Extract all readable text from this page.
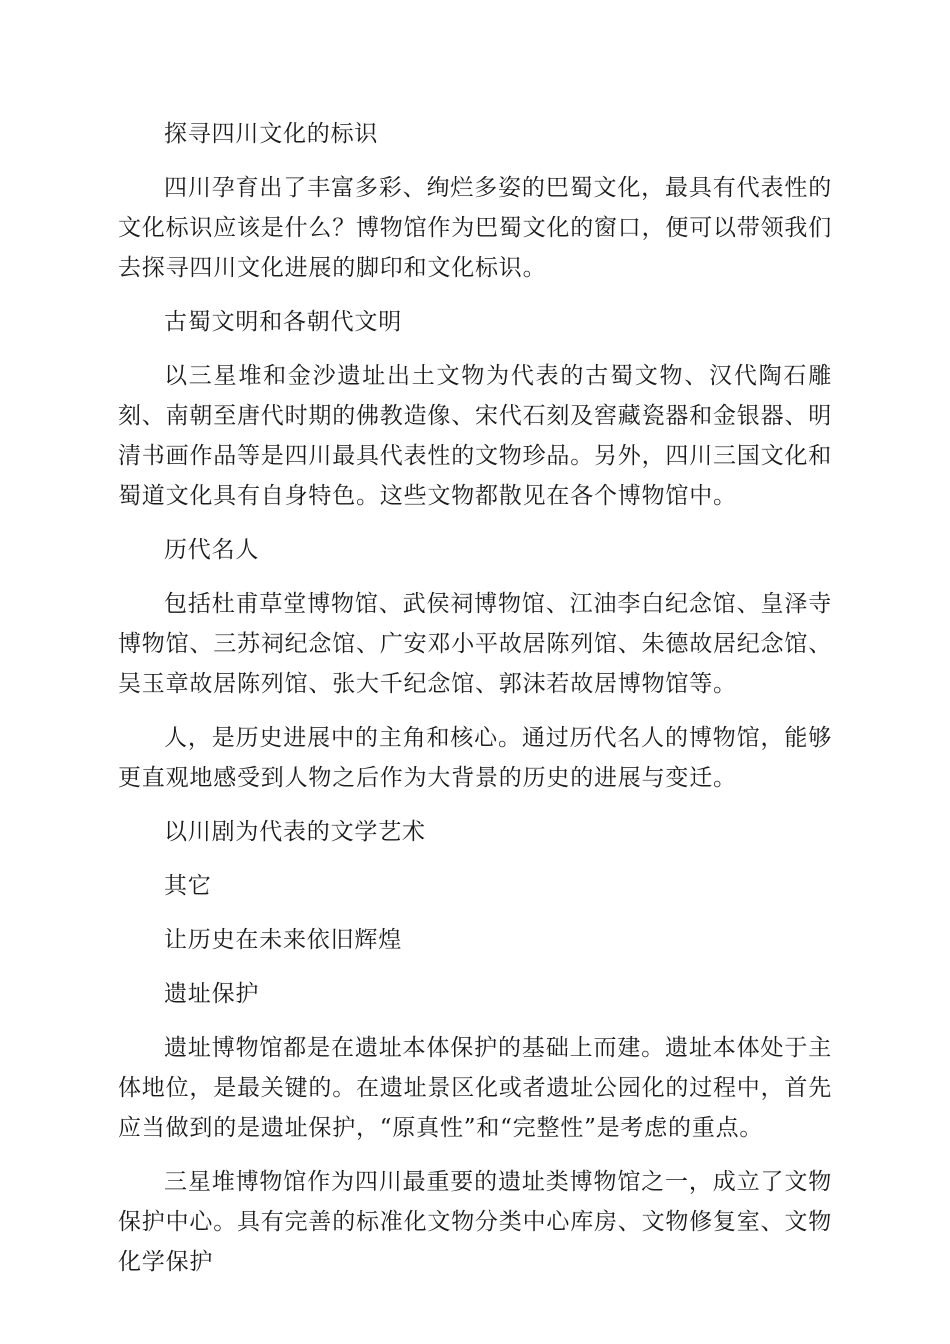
探寻四川文化的标识

四川孕育出了丰富多彩、绚烂多姿的巴蜀文化，最具有代表性的文化标识应该是什么？博物馆作为巴蜀文化的窗口，便可以带领我们去探寻四川文化进展的脚印和文化标识。

古蜀文明和各朝代文明

以三星堆和金沙遗址出土文物为代表的古蜀文物、汉代陶石雕刻、南朝至唐代时期的佛教造像、宋代石刻及窖藏瓷器和金银器、明清书画作品等是四川最具代表性的文物珍品。另外，四川三国文化和蜀道文化具有自身特色。这些文物都散见在各个博物馆中。

历代名人

包括杜甫草堂博物馆、武侯祠博物馆、江油李白纪念馆、皇泽寺博物馆、三苏祠纪念馆、广安邓小平故居陈列馆、朱德故居纪念馆、吴玉章故居陈列馆、张大千纪念馆、郭沫若故居博物馆等。

人，是历史进展中的主角和核心。通过历代名人的博物馆，能够更直观地感受到人物之后作为大背景的历史的进展与变迁。

以川剧为代表的文学艺术

其它

让历史在未来依旧辉煌

遗址保护

遗址博物馆都是在遗址本体保护的基础上而建。遗址本体处于主体地位，是最关键的。在遗址景区化或者遗址公园化的过程中，首先应当做到的是遗址保护，“原真性”和“完整性”是考虑的重点。

三星堆博物馆作为四川最重要的遗址类博物馆之一，成立了文物保护中心。具有完善的标准化文物分类中心库房、文物修复室、文物化学保护
